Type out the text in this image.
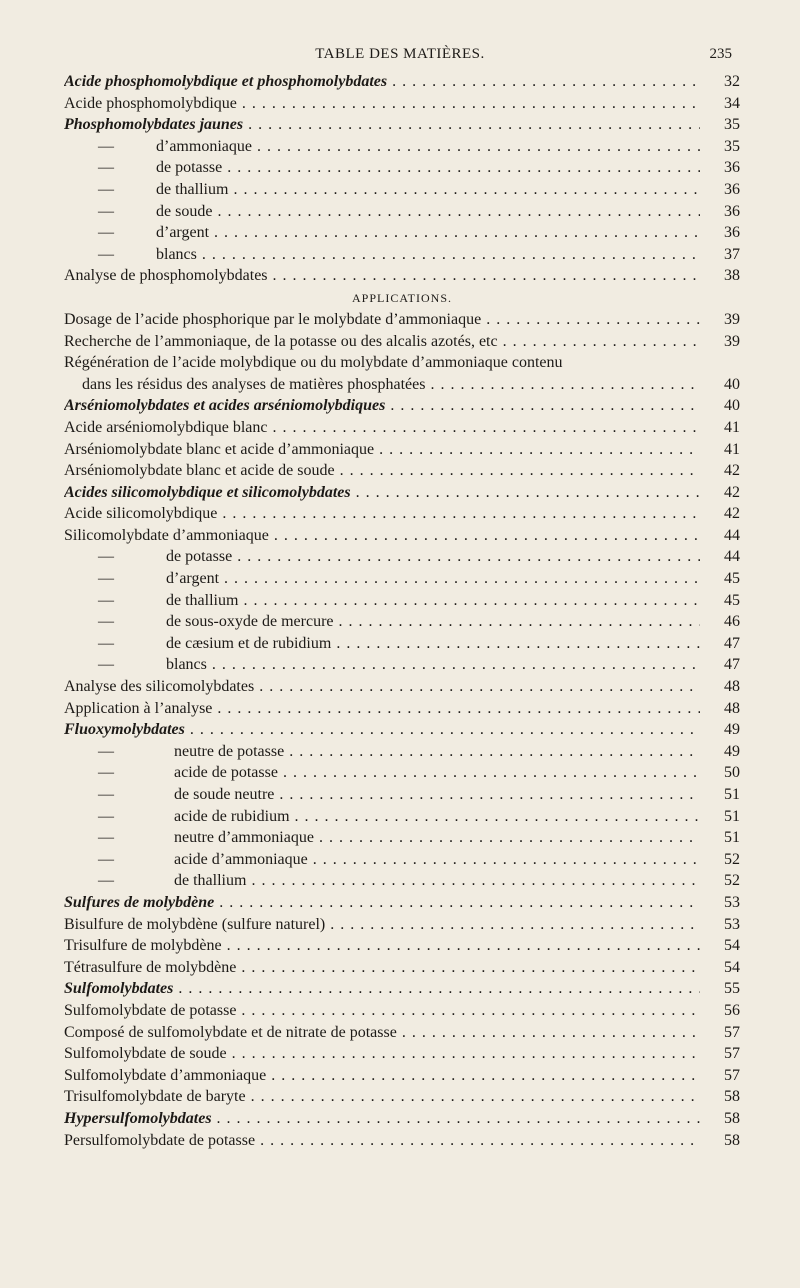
TABLE DES MATIÈRES.	235
Acide phosphomolybdique et phosphomolybdates . . .	32
Acide phosphomolybdique . . .	34
Phosphomolybdates jaunes . . .	35
—	d’ammoniaque . . .	35
—	de potasse . . .	36
—	de thallium . . .	36
—	de soude . . .	36
—	d’argent . . .	36
—	blancs . . .	37
Analyse de phosphomolybdates . . .	38
APPLICATIONS.
Dosage de l’acide phosphorique par le molybdate d’ammoniaque . . .	39
Recherche de l’ammoniaque, de la potasse ou des alcalis azotés, etc . . .	39
Régénération de l’acide molybdique ou du molybdate d’ammoniaque contenu
dans les résidus des analyses de matières phosphatées . . .	40
Arséniomolybdates et acides arséniomolybdiques . . .	40
Acide arséniomolybdique blanc . . .	41
Arséniomolybdate blanc et acide d’ammoniaque . . .	41
Arséniomolybdate blanc et acide de soude . . .	42
Acides silicomolybdique et silicomolybdates . . .	42
Acide silicomolybdique . . .	42
Silicomolybdate d’ammoniaque . . .	44
—	de potasse . . .	44
—	d’argent . . .	45
—	de thallium . . .	45
—	de sous-oxyde de mercure . . .	46
—	de cæsium et de rubidium . . .	47
—	blancs . . .	47
Analyse des silicomolybdates . . .	48
Application à l’analyse . . .	48
Fluoxymolybdates . . .	49
—	neutre de potasse . . .	49
—	acide de potasse . . .	50
—	de soude neutre . . .	51
—	acide de rubidium . . .	51
—	neutre d’ammoniaque . . .	51
—	acide d’ammoniaque . . .	52
—	de thallium . . .	52
Sulfures de molybdène . . .	53
Bisulfure de molybdène (sulfure naturel) . . .	53
Trisulfure de molybdène . . .	54
Tétrasulfure de molybdène . . .	54
Sulfomolybdates . . .	55
Sulfomolybdate de potasse . . .	56
Composé de sulfomolybdate et de nitrate de potasse . . .	57
Sulfomolybdate de soude . . .	57
Sulfomolybdate d’ammoniaque . . .	57
Trisulfomolybdate de baryte . . .	58
Hypersulfomolybdates . . .	58
Persulfomolybdate de potasse . . .	58
